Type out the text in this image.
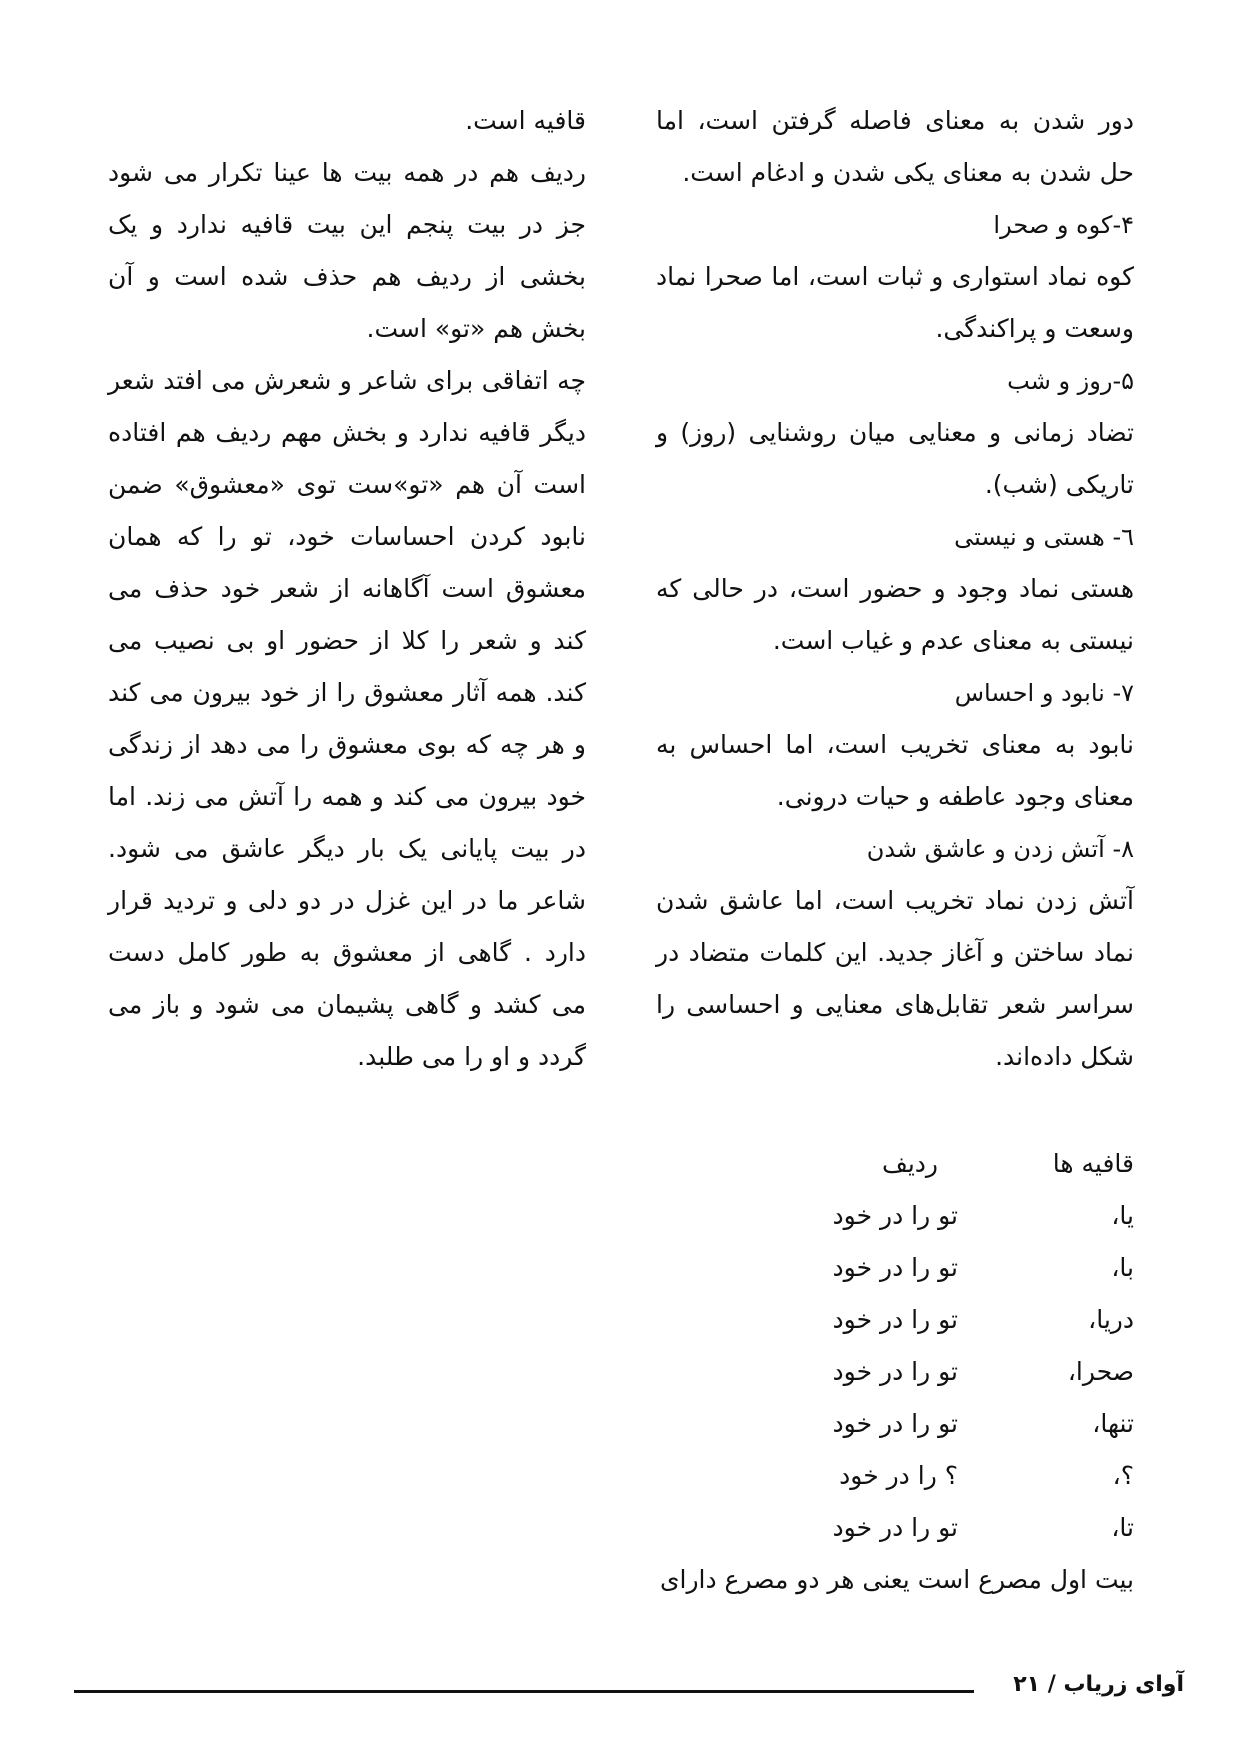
دور شدن به معنای فاصله گرفتن است، اما حل شدن به معنای یکی شدن و ادغام است.

۴-کوه و صحرا

کوه نماد استواری و ثبات است، اما صحرا نماد وسعت و پراکندگی.

۵-روز و شب

تضاد زمانی و معنایی میان روشنایی (روز) و تاریکی (شب).

٦- هستی و نیستی

هستی نماد وجود و حضور است، در حالی که نیستی به معنای عدم و غیاب است.

۷- نابود و احساس

نابود به معنای تخریب است، اما احساس به معنای وجود عاطفه و حیات درونی.

۸- آتش زدن و عاشق شدن

آتش زدن نماد تخریب است، اما عاشق شدن نماد ساختن و آغاز جدید. این کلمات متضاد در سراسر شعر تقابل‌های معنایی و احساسی را شکل داده‌اند.

قافیه است.

ردیف هم در همه بیت ها عینا تکرار می شود جز در بیت پنجم این بیت قافیه ندارد و یک بخشی از ردیف هم حذف شده است و آن بخش هم «تو» است.

چه اتفاقی برای شاعر و شعرش می افتد شعر دیگر قافیه ندارد و بخش مهم ردیف هم افتاده است آن هم «تو»ست توی «معشوق» ضمن نابود کردن احساسات خود، تو را که همان معشوق است آگاهانه از شعر خود حذف می کند و شعر را کلا از حضور او بی نصیب می کند. همه آثار معشوق را از خود بیرون می کند و هر چه که بوی معشوق را می دهد از زندگی خود بیرون می کند و همه را آتش می زند. اما در بیت پایانی یک بار دیگر عاشق می شود. شاعر ما در این غزل در دو دلی و تردید قرار دارد . گاهی از معشوق به طور کامل دست می کشد و گاهی پشیمان می شود و باز می گردد و او را می طلبد.

قافیه ها
ردیف
یا،
تو را در خود
با،
تو را در خود
دریا،
تو را در خود
صحرا،
تو را در خود
تنها،
تو را در خود
؟،
؟ را در خود
تا،
تو را در خود
بیت اول مصرع است یعنی هر دو مصرع دارای
آوای زریاب / ۲۱
